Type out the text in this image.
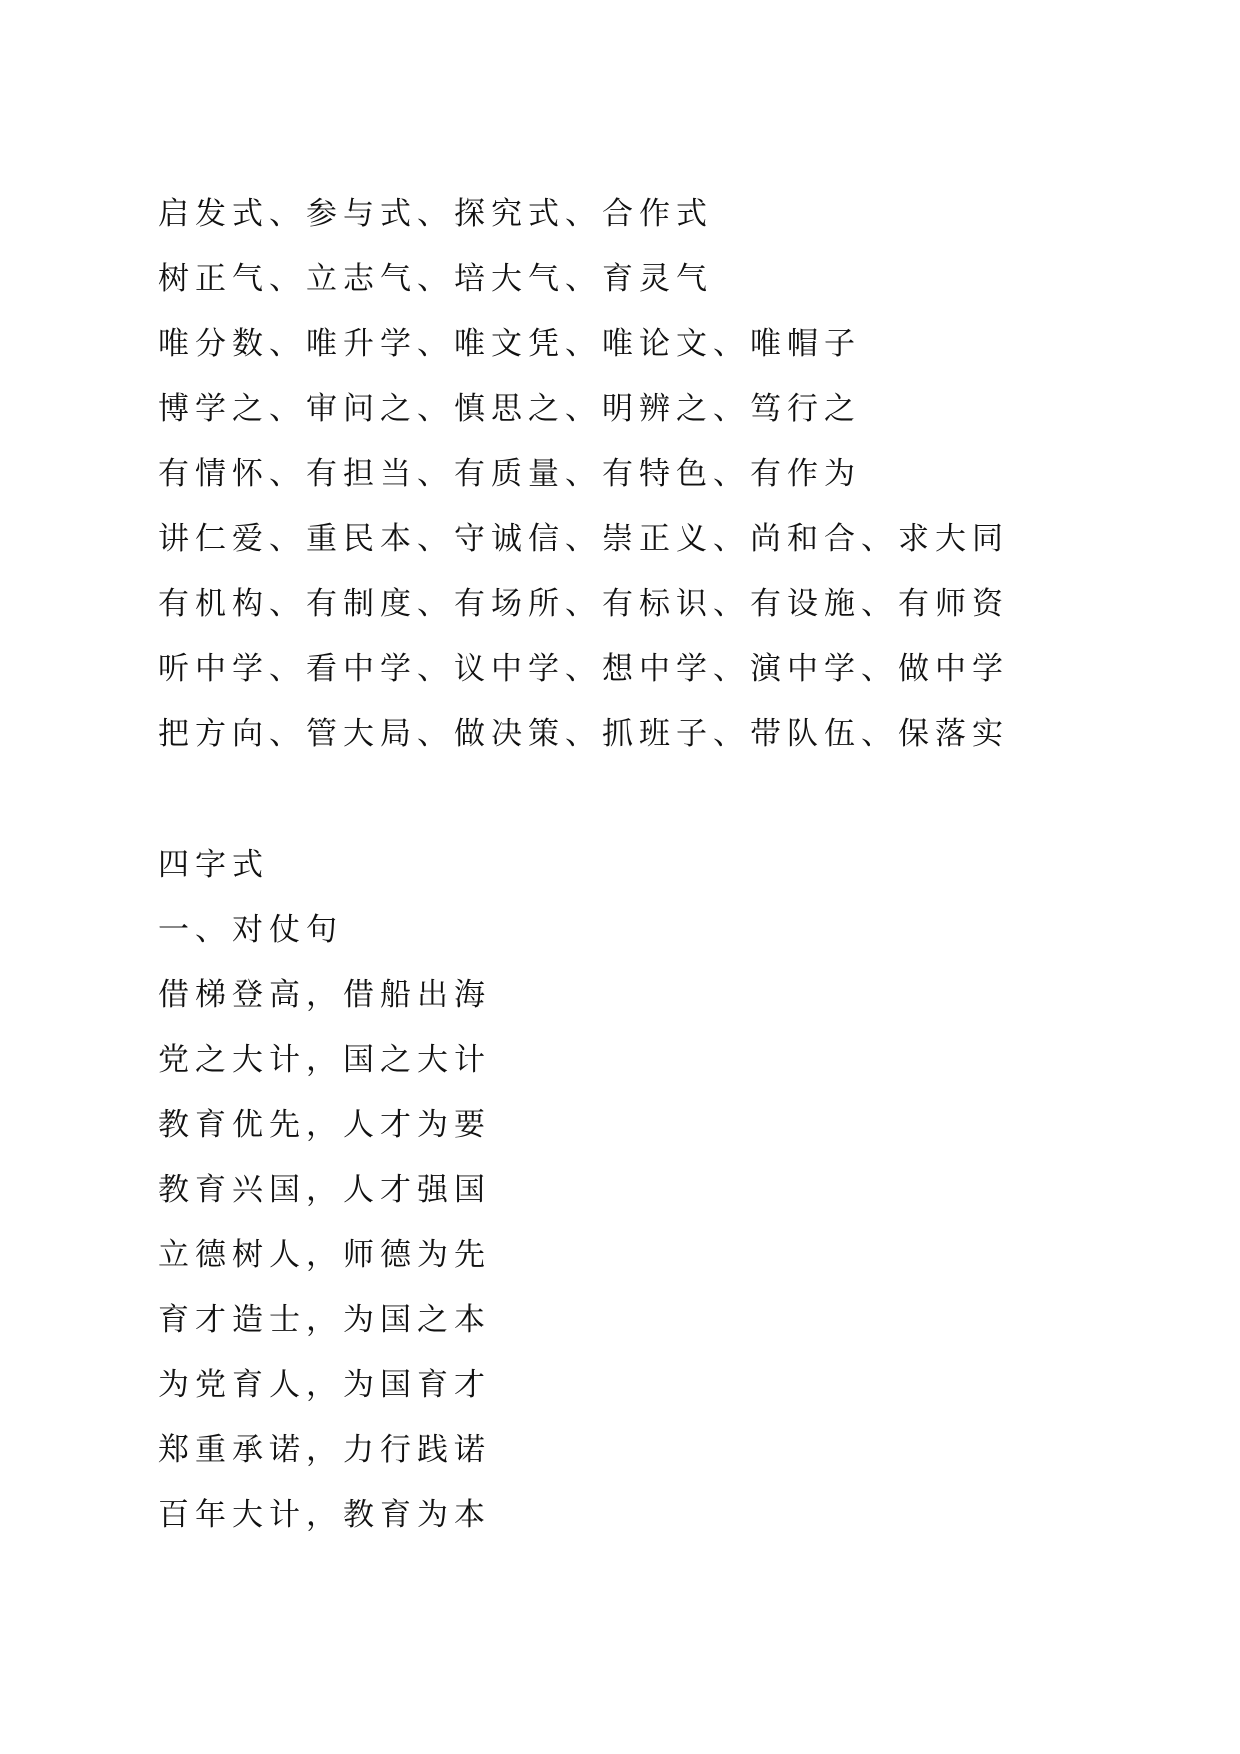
启发式、参与式、探究式、合作式
树正气、立志气、培大气、育灵气
唯分数、唯升学、唯文凭、唯论文、唯帽子
博学之、审问之、慎思之、明辨之、笃行之
有情怀、有担当、有质量、有特色、有作为
讲仁爱、重民本、守诚信、崇正义、尚和合、求大同
有机构、有制度、有场所、有标识、有设施、有师资
听中学、看中学、议中学、想中学、演中学、做中学
把方向、管大局、做决策、抓班子、带队伍、保落实
四字式
一、对仗句
借梯登高，借船出海
党之大计，国之大计
教育优先，人才为要
教育兴国，人才强国
立德树人，师德为先
育才造士，为国之本
为党育人，为国育才
郑重承诺，力行践诺
百年大计，教育为本
